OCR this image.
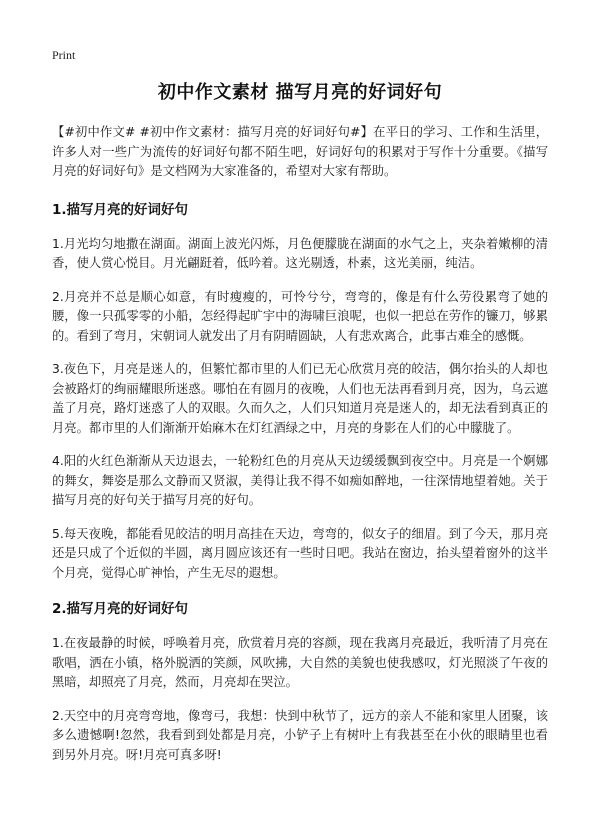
Print
初中作文素材 描写月亮的好词好句

【#初中作文# #初中作文素材：描写月亮的好词好句#】在平日的学习、工作和生活里，许多人对一些广为流传的好词好句都不陌生吧，好词好句的积累对于写作十分重要。《描写月亮的好词好句》是文档网为大家准备的，希望对大家有帮助。

1.描写月亮的好词好句

1.月光均匀地撒在湖面。湖面上波光闪烁，月色便朦胧在湖面的水气之上，夹杂着嫩柳的清香，使人赏心悦目。月光翩跹着，低吟着。这光剔透，朴素，这光美丽，纯洁。

2.月亮并不总是顺心如意，有时瘦瘦的，可怜兮兮，弯弯的，像是有什么劳役累弯了她的腰，像一只孤零零的小船，怎经得起旷宇中的海啸巨浪呢，也似一把总在劳作的镰刀，够累的。看到了弯月，宋朝词人就发出了月有阴晴圆缺，人有悲欢离合，此事古难全的感慨。

3.夜色下，月亮是迷人的，但繁忙都市里的人们已无心欣赏月亮的皎洁，偶尔抬头的人却也会被路灯的绚丽耀眼所迷惑。哪怕在有圆月的夜晚，人们也无法再看到月亮，因为，乌云遮盖了月亮，路灯迷惑了人的双眼。久而久之，人们只知道月亮是迷人的，却无法看到真正的月亮。都市里的人们渐渐开始麻木在灯红酒绿之中，月亮的身影在人们的心中朦胧了。

4.阳的火红色渐渐从天边退去，一轮粉红色的月亮从天边缓缓飘到夜空中。月亮是一个婀娜的舞女，舞姿是那么文静而又贤淑，美得让我不得不如痴如醉地，一往深情地望着她。关于描写月亮的好句关于描写月亮的好句。

5.每天夜晚，都能看见皎洁的明月高挂在天边，弯弯的，似女子的细眉。到了今天，那月亮还是只成了个近似的半圆，离月圆应该还有一些时日吧。我站在窗边，抬头望着窗外的这半个月亮，觉得心旷神怡，产生无尽的遐想。

2.描写月亮的好词好句

1.在夜最静的时候，呼唤着月亮，欣赏着月亮的容颜，现在我离月亮最近，我听清了月亮在歌唱，洒在小镇，格外脱洒的笑颜，风吹拂，大自然的美貌也使我感叹，灯光照淡了午夜的黑暗，却照亮了月亮，然而，月亮却在哭泣。

2.天空中的月亮弯弯地，像弯弓，我想：快到中秋节了，远方的亲人不能和家里人团聚，该多么遗憾啊!忽然，我看到到处都是月亮，小铲子上有树叶上有我甚至在小伙的眼睛里也看到另外月亮。呀!月亮可真多呀!
